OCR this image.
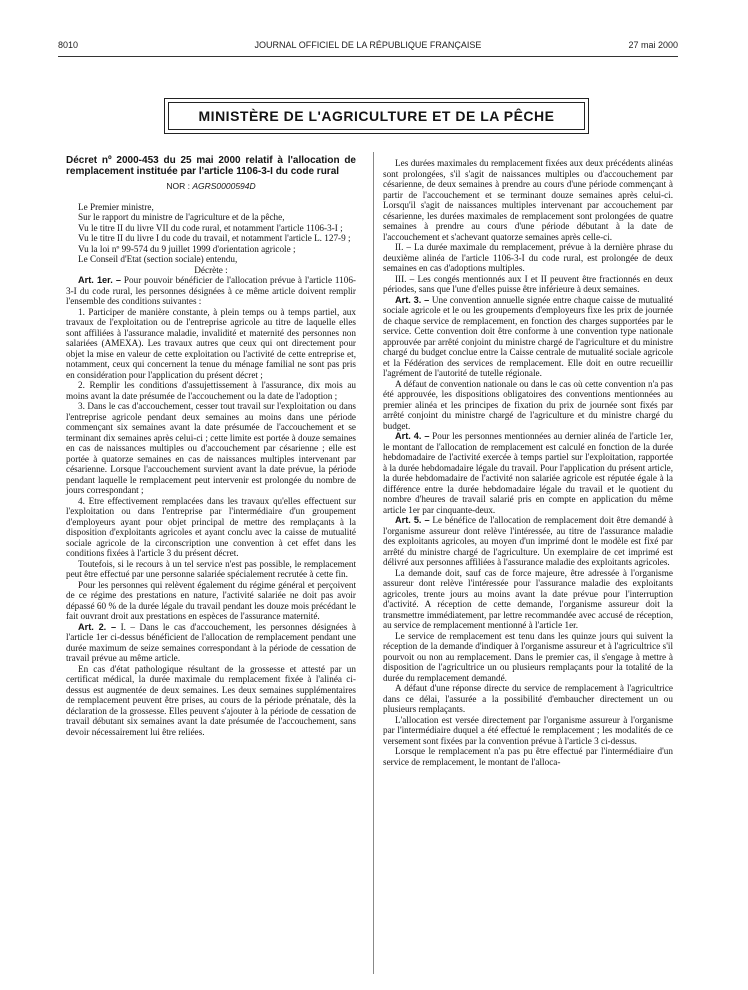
8010	JOURNAL OFFICIEL DE LA RÉPUBLIQUE FRANÇAISE	27 mai 2000
MINISTÈRE DE L'AGRICULTURE ET DE LA PÊCHE
Décret nº 2000-453 du 25 mai 2000 relatif à l'allocation de remplacement instituée par l'article 1106-3-I du code rural
NOR : AGRS0000594D

Le Premier ministre,

Sur le rapport du ministre de l'agriculture et de la pêche,

Vu le titre II du livre VII du code rural, et notamment l'article 1106-3-I ;

Vu le titre II du livre I du code du travail, et notamment l'article L. 127-9 ;

Vu la loi nº 99-574 du 9 juillet 1999 d'orientation agricole ;

Le Conseil d'Etat (section sociale) entendu,

Décrète :

Art. 1er. – Pour pouvoir bénéficier de l'allocation prévue à l'article 1106-3-I du code rural, les personnes désignées à ce même article doivent remplir l'ensemble des conditions suivantes :

1. Participer de manière constante, à plein temps ou à temps partiel, aux travaux de l'exploitation ou de l'entreprise agricole au titre de laquelle elles sont affiliées à l'assurance maladie, invalidité et maternité des personnes non salariées (AMEXA). Les travaux autres que ceux qui ont directement pour objet la mise en valeur de cette exploitation ou l'activité de cette entreprise et, notamment, ceux qui concernent la tenue du ménage familial ne sont pas pris en considération pour l'application du présent décret ;

2. Remplir les conditions d'assujettissement à l'assurance, dix mois au moins avant la date présumée de l'accouchement ou la date de l'adoption ;

3. Dans le cas d'accouchement, cesser tout travail sur l'exploitation ou dans l'entreprise agricole pendant deux semaines au moins dans une période commençant six semaines avant la date présumée de l'accouchement et se terminant dix semaines après celui-ci ; cette limite est portée à douze semaines en cas de naissances multiples ou d'accouchement par césarienne ; elle est portée à quatorze semaines en cas de naissances multiples intervenant par césarienne. Lorsque l'accouchement survient avant la date prévue, la période pendant laquelle le remplacement peut intervenir est prolongée du nombre de jours correspondant ;

4. Etre effectivement remplacées dans les travaux qu'elles effectuent sur l'exploitation ou dans l'entreprise par l'intermédiaire d'un groupement d'employeurs ayant pour objet principal de mettre des remplaçants à la disposition d'exploitants agricoles et ayant conclu avec la caisse de mutualité sociale agricole de la circonscription une convention à cet effet dans les conditions fixées à l'article 3 du présent décret.

Toutefois, si le recours à un tel service n'est pas possible, le remplacement peut être effectué par une personne salariée spécialement recrutée à cette fin.

Pour les personnes qui relèvent également du régime général et perçoivent de ce régime des prestations en nature, l'activité salariée ne doit pas avoir dépassé 60 % de la durée légale du travail pendant les douze mois précédant le fait ouvrant droit aux prestations en espèces de l'assurance maternité.

Art. 2. – I. – Dans le cas d'accouchement, les personnes désignées à l'article 1er ci-dessus bénéficient de l'allocation de remplacement pendant une durée maximum de seize semaines correspondant à la période de cessation de travail prévue au même article.

En cas d'état pathologique résultant de la grossesse et attesté par un certificat médical, la durée maximale du remplacement fixée à l'alinéa ci-dessus est augmentée de deux semaines. Les deux semaines supplémentaires de remplacement peuvent être prises, au cours de la période prénatale, dès la déclaration de la grossesse. Elles peuvent s'ajouter à la période de cessation de travail débutant six semaines avant la date présumée de l'accouchement, sans devoir nécessairement lui être reliées.

Les durées maximales du remplacement fixées aux deux précédents alinéas sont prolongées, s'il s'agit de naissances multiples ou d'accouchement par césarienne, de deux semaines à prendre au cours d'une période commençant à partir de l'accouchement et se terminant douze semaines après celui-ci. Lorsqu'il s'agit de naissances multiples intervenant par accouchement par césarienne, les durées maximales de remplacement sont prolongées de quatre semaines à prendre au cours d'une période débutant à la date de l'accouchement et s'achevant quatorze semaines après celle-ci.

II. – La durée maximale du remplacement, prévue à la dernière phrase du deuxième alinéa de l'article 1106-3-I du code rural, est prolongée de deux semaines en cas d'adoptions multiples.

III. – Les congés mentionnés aux I et II peuvent être fractionnés en deux périodes, sans que l'une d'elles puisse être inférieure à deux semaines.

Art. 3. – Une convention annuelle signée entre chaque caisse de mutualité sociale agricole et le ou les groupements d'employeurs fixe les prix de journée de chaque service de remplacement, en fonction des charges supportées par le service. Cette convention doit être conforme à une convention type nationale approuvée par arrêté conjoint du ministre chargé de l'agriculture et du ministre chargé du budget conclue entre la Caisse centrale de mutualité sociale agricole et la Fédération des services de remplacement. Elle doit en outre recueillir l'agrément de l'autorité de tutelle régionale.

A défaut de convention nationale ou dans le cas où cette convention n'a pas été approuvée, les dispositions obligatoires des conventions mentionnées au premier alinéa et les principes de fixation du prix de journée sont fixés par arrêté conjoint du ministre chargé de l'agriculture et du ministre chargé du budget.

Art. 4. – Pour les personnes mentionnées au dernier alinéa de l'article 1er, le montant de l'allocation de remplacement est calculé en fonction de la durée hebdomadaire de l'activité exercée à temps partiel sur l'exploitation, rapportée à la durée hebdomadaire légale du travail. Pour l'application du présent article, la durée hebdomadaire de l'activité non salariée agricole est réputée égale à la différence entre la durée hebdomadaire légale du travail et le quotient du nombre d'heures de travail salarié pris en compte en application du même article 1er par cinquante-deux.

Art. 5. – Le bénéfice de l'allocation de remplacement doit être demandé à l'organisme assureur dont relève l'intéressée, au titre de l'assurance maladie des exploitants agricoles, au moyen d'un imprimé dont le modèle est fixé par arrêté du ministre chargé de l'agriculture. Un exemplaire de cet imprimé est délivré aux personnes affiliées à l'assurance maladie des exploitants agricoles.

La demande doit, sauf cas de force majeure, être adressée à l'organisme assureur dont relève l'intéressée pour l'assurance maladie des exploitants agricoles, trente jours au moins avant la date prévue pour l'interruption d'activité. A réception de cette demande, l'organisme assureur doit la transmettre immédiatement, par lettre recommandée avec accusé de réception, au service de remplacement mentionné à l'article 1er.

Le service de remplacement est tenu dans les quinze jours qui suivent la réception de la demande d'indiquer à l'organisme assureur et à l'agricultrice s'il pourvoit ou non au remplacement. Dans le premier cas, il s'engage à mettre à disposition de l'agricultrice un ou plusieurs remplaçants pour la totalité de la durée du remplacement demandé.

A défaut d'une réponse directe du service de remplacement à l'agricultrice dans ce délai, l'assurée a la possibilité d'embaucher directement un ou plusieurs remplaçants.

L'allocation est versée directement par l'organisme assureur à l'organisme par l'intermédiaire duquel a été effectué le remplacement ; les modalités de ce versement sont fixées par la convention prévue à l'article 3 ci-dessus.

Lorsque le remplacement n'a pas pu être effectué par l'intermédiaire d'un service de remplacement, le montant de l'alloca-
